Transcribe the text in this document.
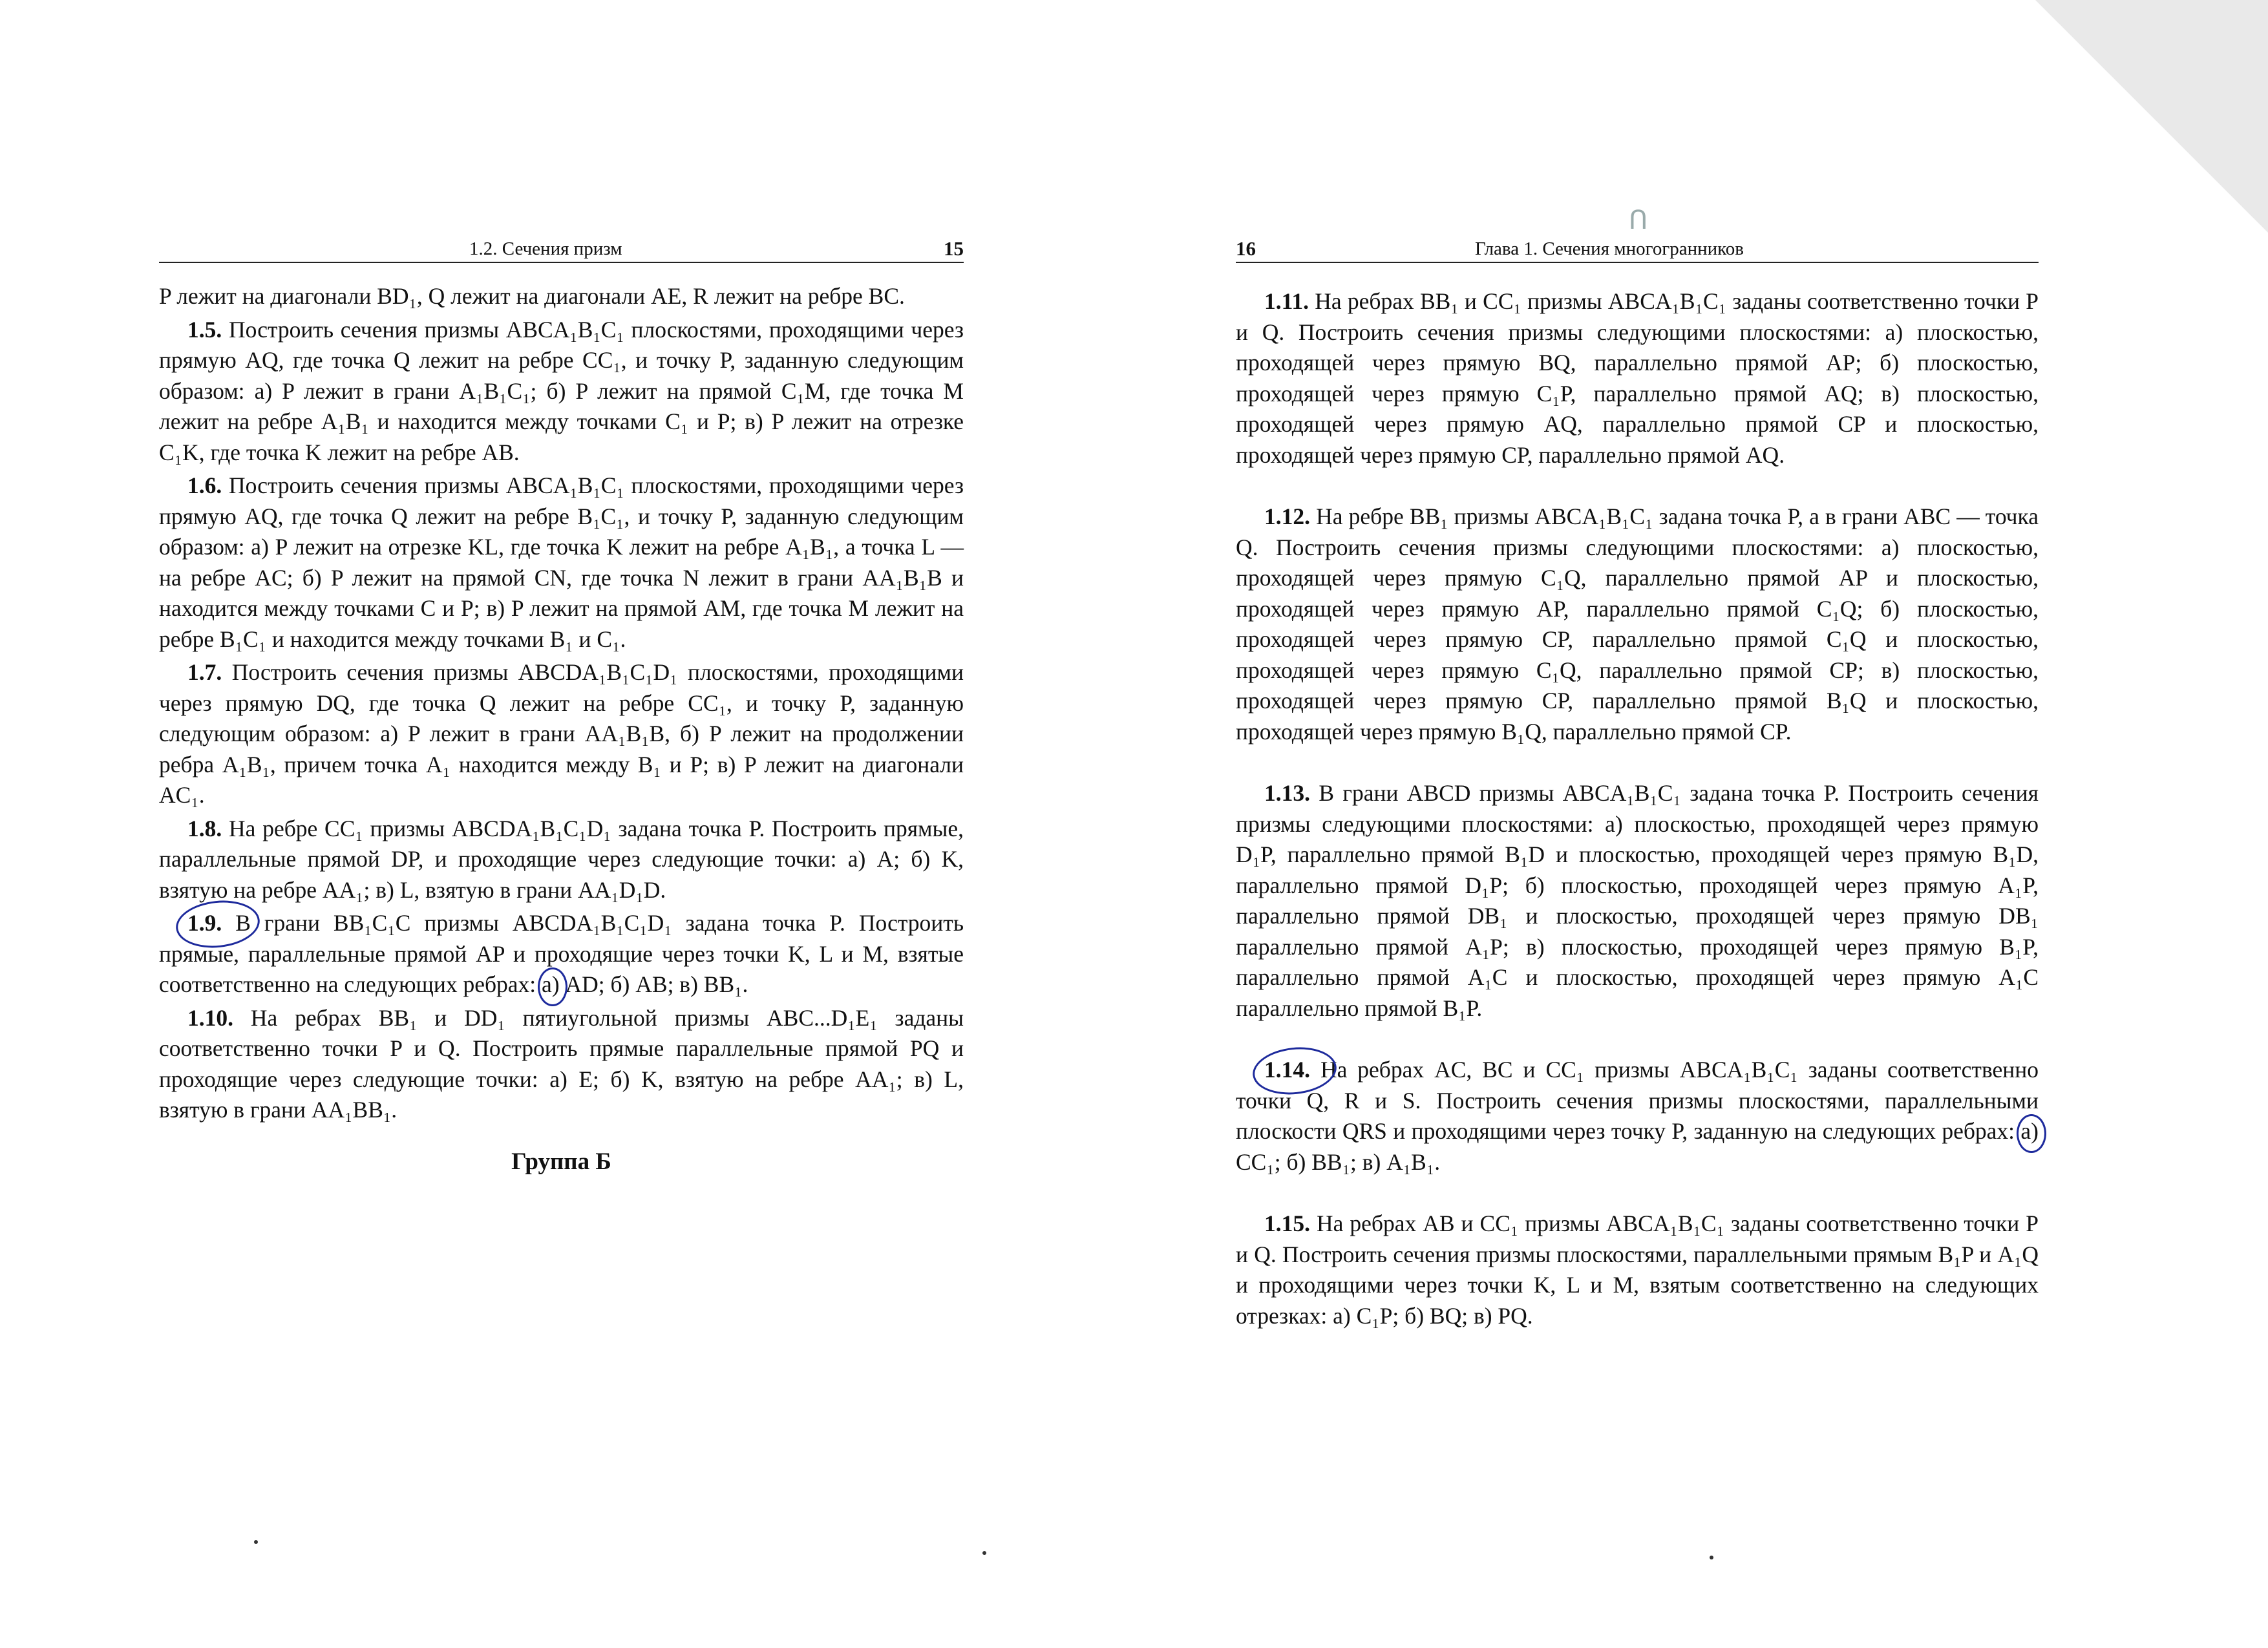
1.2. Сечения призм	15

P лежит на диагонали BD₁, Q лежит на диагонали AE, R лежит на ребре BC.

1.5. Построить сечения призмы ABCA₁B₁C₁ плоскостями, проходящими через прямую AQ, где точка Q лежит на ребре CC₁, и точку P, заданную следующим образом: а) P лежит в грани A₁B₁C₁; б) P лежит на прямой C₁M, где точка M лежит на ребре A₁B₁ и находится между точками C₁ и P; в) P лежит на отрезке C₁K, где точка K лежит на ребре AB.

1.6. Построить сечения призмы ABCA₁B₁C₁ плоскостями, проходящими через прямую AQ, где точка Q лежит на ребре B₁C₁, и точку P, заданную следующим образом: а) P лежит на отрезке KL, где точка K лежит на ребре A₁B₁, а точка L — на ребре AC; б) P лежит на прямой CN, где точка N лежит в грани AA₁B₁B и находится между точками C и P; в) P лежит на прямой AM, где точка M лежит на ребре B₁C₁ и находится между точками B₁ и C₁.

1.7. Построить сечения призмы ABCDA₁B₁C₁D₁ плоскостями, проходящими через прямую DQ, где точка Q лежит на ребре CC₁, и точку P, заданную следующим образом: а) P лежит в грани AA₁B₁B, б) P лежит на продолжении ребра A₁B₁, причем точка A₁ находится между B₁ и P; в) P лежит на диагонали AC₁.

1.8. На ребре CC₁ призмы ABCDA₁B₁C₁D₁ задана точка P. Построить прямые, параллельные прямой DP, и проходящие через следующие точки: а) A; б) K, взятую на ребре AA₁; в) L, взятую в грани AA₁D₁D.

1.9. В грани BB₁C₁C призмы ABCDA₁B₁C₁D₁ задана точка P. Построить прямые, параллельные прямой AP и проходящие через точки K, L и M, взятые соответственно на следующих ребрах: а) AD; б) AB; в) BB₁.

1.10. На ребрах BB₁ и DD₁ пятиугольной призмы ABC...D₁E₁ заданы соответственно точки P и Q. Построить прямые параллельные прямой PQ и проходящие через следующие точки: а) E; б) K, взятую на ребре AA₁; в) L, взятую в грани AA₁BB₁.

Группа Б
16	Глава 1. Сечения многогранников

1.11. На ребрах BB₁ и CC₁ призмы ABCA₁B₁C₁ заданы соответственно точки P и Q. Построить сечения призмы следующими плоскостями: а) плоскостью, проходящей через прямую BQ, параллельно прямой AP; б) плоскостью, проходящей через прямую C₁P, параллельно прямой AQ; в) плоскостью, проходящей через прямую AQ, параллельно прямой CP и плоскостью, проходящей через прямую CP, параллельно прямой AQ.

1.12. На ребре BB₁ призмы ABCA₁B₁C₁ задана точка P, а в грани ABC — точка Q. Построить сечения призмы следующими плоскостями: а) плоскостью, проходящей через прямую C₁Q, параллельно прямой AP и плоскостью, проходящей через прямую AP, параллельно прямой C₁Q; б) плоскостью, проходящей через прямую CP, параллельно прямой C₁Q и плоскостью, проходящей через прямую C₁Q, параллельно прямой CP; в) плоскостью, проходящей через прямую CP, параллельно прямой B₁Q и плоскостью, проходящей через прямую B₁Q, параллельно прямой CP.

1.13. В грани ABCD призмы ABCA₁B₁C₁ задана точка P. Построить сечения призмы следующими плоскостями: а) плоскостью, проходящей через прямую D₁P, параллельно прямой B₁D и плоскостью, проходящей через прямую B₁D, параллельно прямой D₁P; б) плоскостью, проходящей через прямую A₁P, параллельно прямой DB₁ и плоскостью, проходящей через прямую DB₁ параллельно прямой A₁P; в) плоскостью, проходящей через прямую B₁P, параллельно прямой A₁C и плоскостью, проходящей через прямую A₁C параллельно прямой B₁P.

1.14. На ребрах AC, BC и CC₁ призмы ABCA₁B₁C₁ заданы соответственно точки Q, R и S. Построить сечения призмы плоскостями, параллельными плоскости QRS и проходящими через точку P, заданную на следующих ребрах: а) CC₁; б) BB₁; в) A₁B₁.

1.15. На ребрах AB и CC₁ призмы ABCA₁B₁C₁ заданы соответственно точки P и Q. Построить сечения призмы плоскостями, параллельными прямым B₁P и A₁Q и проходящими через точки K, L и M, взятым соответственно на следующих отрезках: а) C₁P; б) BQ; в) PQ.

ᑎ
